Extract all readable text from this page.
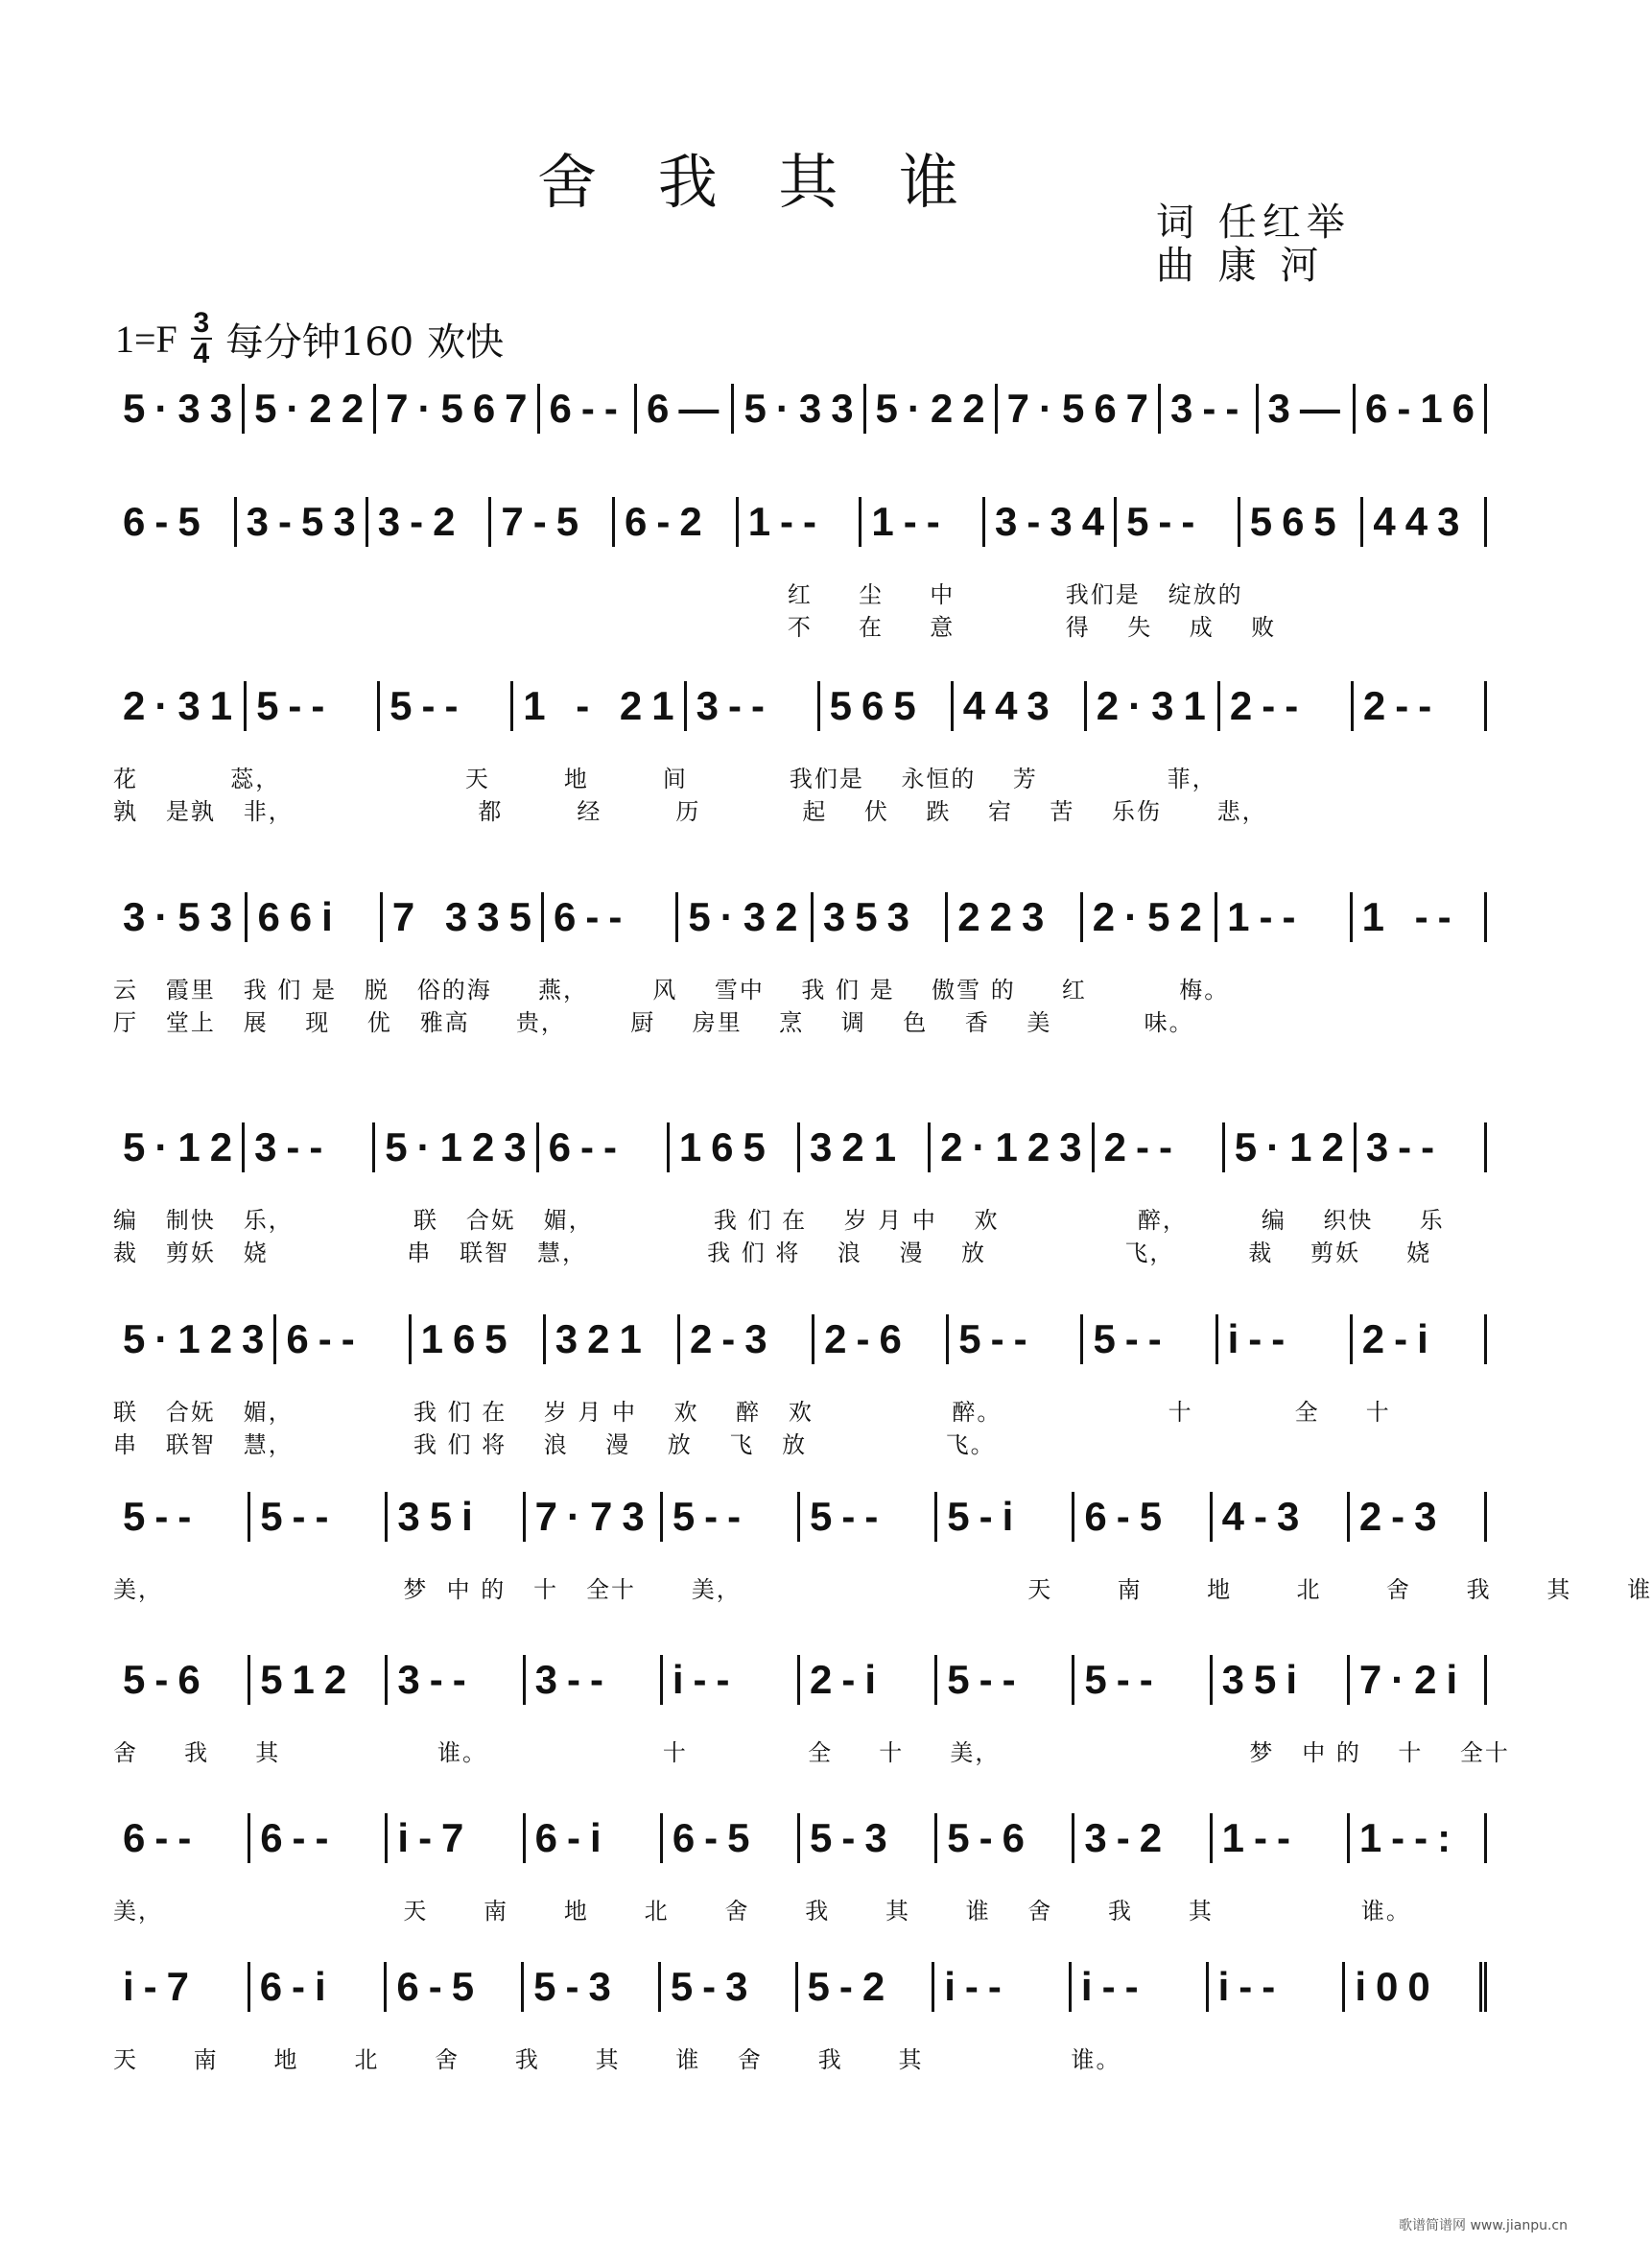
舍 我 其 谁
词 任红举
曲 康 河
1=F 3
4 每分钟160 欢快
5·33 5·22 7·567 6-- 6— 5·33 5·22 7·567 3-- 3— 6-16
6-5 3-53 3-2 7-5 6-2 1--	1--	3-34 5--	565 443
红     尘     中            我们是   绽放的
不     在     意            得    失    成    败
2·31 5--	5--	1 - 21 3--	565 443 2·31 2--	2--
花          蕊，                    天        地        间           我们是    永恒的    芳              菲，
孰   是孰   非，                    都        经        历           起    伏    跌    宕    苦    乐伤      悲，
3·53 66i	7 335 6--	5·32 353 223 2·52 1--	1 --
云   霞里   我 们 是   脱   俗的海     燕，       风    雪中    我 们 是    傲雪 的     红          梅。
厅   堂上   展    现    优   雅高     贵，       厨    房里    烹    调    色    香    美          味。
5·12 3--	5·123 6--	165 321 2·123 2--	5·12 3--
编   制快   乐，             联   合妩   媚，             我 们 在    岁 月 中    欢               醉，        编    织快     乐
裁   剪妖   娆               串   联智   慧，             我 们 将    浪    漫    放               飞，        裁    剪妖     娆
5·123 6--	165 321 2-3	2-6	5--	5--	i--	2-i
联   合妩   媚，             我 们 在    岁 月 中    欢    醉   欢               醉。                  十           全     十
串   联智   慧，             我 们 将    浪    漫    放    飞   放               飞。
5--	5--	35i	7·73 5--	5--	5-i	6-5	4-3	2-3
美，                          梦  中 的   十   全十      美，                               天       南       地       北       舍      我      其      谁
5-6	512	3--	3--	i--	2-i	5--	5--	35i	7·2i
舍     我     其                 谁。                   十             全     十     美，                           梦   中 的    十    全十
6--	6--	i-7	6-i	6-5	5-3	5-6	3-2	1--	1--:
美，                          天      南      地      北      舍      我      其      谁    舍      我      其                谁。
i-7	6-i	6-5	5-3	5-3	5-2	i--	i--	i--	i00
天      南      地      北      舍      我      其      谁    舍      我      其                谁。
歌谱简谱网 www.jianpu.cn
